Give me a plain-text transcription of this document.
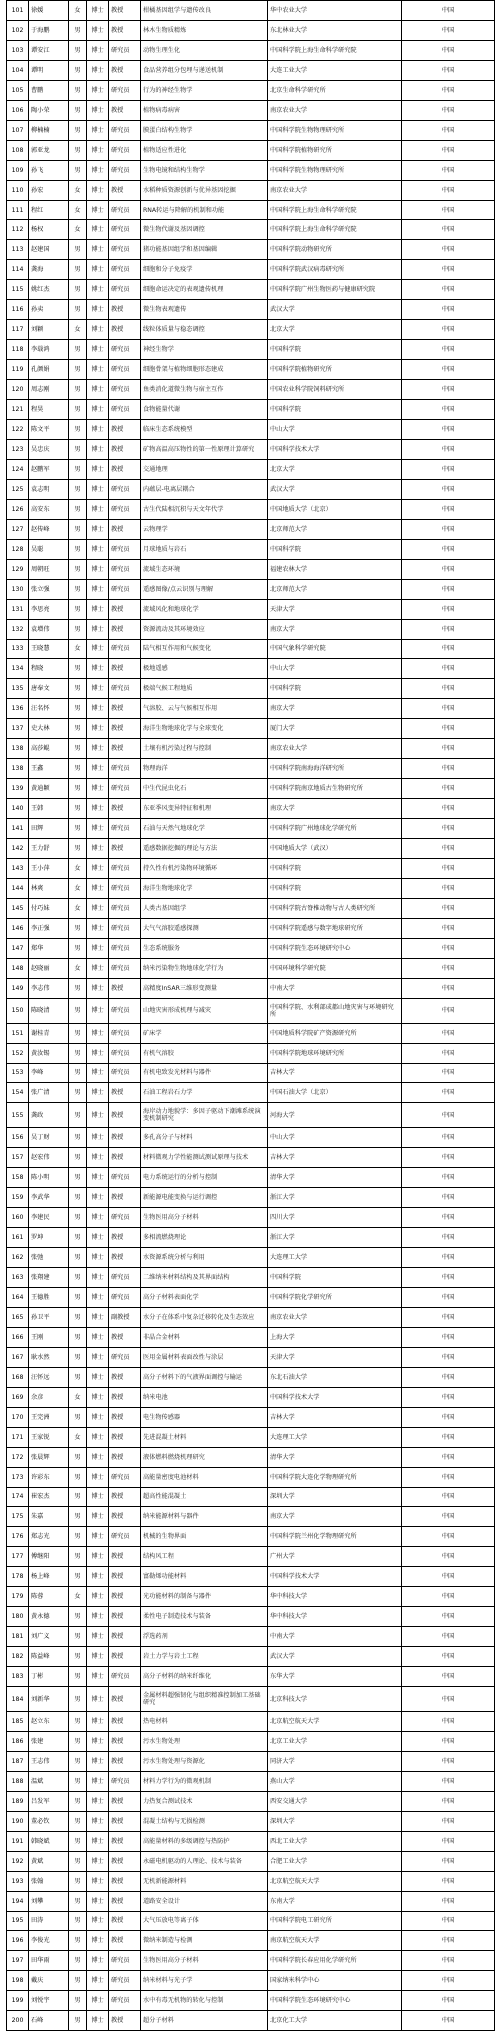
101	徐媛	女	博士	教授	柑橘基因组学与遗传改良	华中农业大学	中国
102	于海鹏	男	博士	教授	林木生物质精炼	东北林业大学	中国
103	谭安江	男	博士	研究员	动物生理生化	中国科学院上海生命科学研究院	中国
104	谭明	男	博士	教授	食品营养组分包埋与递送机制	大连工业大学	中国
105	曹鹏	男	博士	研究员	行为的神经生物学	北京生命科学研究所	中国
106	陶小荣	男	博士	教授	植物病毒病害	南京农业大学	中国
107	柳楠楠	男	博士	研究员	膜蛋白结构生物学	中国科学院生物物理研究所	中国
108	郭亚龙	男	博士	研究员	植物适应性进化	中国科学院植物研究所	中国
109	孙飞	男	博士	研究员	生物电镜和结构生物学	中国科学院生物物理研究所	中国
110	孙宏	女	博士	教授	水稻种质资源创新与优异基因挖掘	南京农业大学	中国
111	程红	女	博士	研究员	RNA转运与降解的机制和功能	中国科学院上海生命科学研究院	中国
112	杨权	女	博士	研究员	微生物代谢及基因调控	中国科学院上海生命科学研究院	中国
113	赵建国	男	博士	研究员	猪功能基因组学和基因编辑	中国科学院动物研究所	中国
114	龚海	男	博士	研究员	细胞和分子免疫学	中国科学院武汉病毒研究所	中国
115	姚红杰	男	博士	研究员	细胞命运决定的表观遗传机理	中国科学院广州生物医药与健康研究院	中国
116	孙卖	男	博士	教授	微生物表观遗传	武汉大学	中国
117	刘颖	女	博士	教授	线粒体质量与稳态调控	北京大学	中国
118	李载鸿	男	博士	研究员	神经生物学	中国科学院	中国
119	孔颜娟	男	博士	研究员	细胞骨架与植物细胞形态建成	中国科学院植物研究所	中国
120	周志刚	男	博士	研究员	鱼类消化道微生物与宿主互作	中国农业科学院饲料研究所	中国
121	程昊	男	博士	研究员	食物能量代谢	中国科学院	中国
122	陈文平	男	博士	教授	临床生态系统模型	中山大学	中国
123	吴忠庆	男	博士	教授	矿物高温高压物性的第一性原理计算研究	中国科学技术大学	中国
124	赵鹏军	男	博士	教授	交通地理	北京大学	中国
125	袁志明	男	博士	研究员	内蕴层-电离层耦合	武汉大学	中国
126	高安东	男	博士	研究员	古生代陆相沉积与天文年代学	中国地质大学（北京）	中国
127	赵传峰	男	博士	教授	云物理学	北京师范大学	中国
128	吴聪	男	博士	研究员	月球地质与岩石	中国科学院	中国
129	周朝旺	男	博士	研究员	流域生态环境	福建农林大学	中国
130	张立强	男	博士	研究员	遥感图像/点云识别与理解	北京师范大学	中国
131	李思亮	男	博士	教授	流域风化和地球化学	天津大学	中国
132	袁增伟	男	博士	教授	资源流动及其环境效应	南京大学	中国
133	王晓慧	女	博士	研究员	陆气相互作用和气候变化	中国气象科学研究院	中国
134	程晓	男	博士	教授	极地遥感	中山大学	中国
135	唐奉文	男	博士	研究员	极端气候工程地质	中国科学院	中国
136	汪名怀	男	博士	教授	气溶胶、云与气候相互作用	南京大学	中国
137	史大林	男	博士	教授	海洋生物地球化学与全球变化	厦门大学	中国
138	高莎鲲	男	博士	教授	土壤有机污染过程与控制	南京农业大学	中国
138	王鑫	男	博士	研究员	物理海洋	中国科学院南海海洋研究所	中国
139	黄迪颖	男	博士	研究员	中生代昆虫化石	中国科学院南京地质古生物研究所	中国
140	王韩	男	博士	教授	东亚季风变异特征和机理	南京大学	中国
141	田辉	男	博士	研究员	石油与天然气地球化学	中国科学院广州地球化学研究所	中国
142	王力舒	男	博士	教授	遥感数据挖掘的理论与方法	中国地质大学（武汉）	中国
143	王小萍	女	博士	研究员	持久性有机污染物环境循环	中国科学院	中国
144	林爽	女	博士	研究员	海洋生物地球化学	中国科学院	中国
145	付巧妹	女	博士	研究员	人类古基因组学	中国科学院古脊椎动物与古人类研究所	中国
146	李正强	男	博士	研究员	大气气溶胶遥感探测	中国科学院遥感与数字地球研究所	中国
147	郑华	男	博士	研究员	生态系统服务	中国科学院生态环境研究中心	中国
148	赵晓丽	女	博士	研究员	纳米污染物生物地球化学行为	中国环境科学研究院	中国
149	李志伟	男	博士	教授	高精度InSAR三维形变测量	中南大学	中国
150	陈晓清	男	博士	研究员	山地灾害形成机理与减灾	中国科学院、水利部成都山地灾害与环境研究所	中国
151	谢桂青	男	博士	研究员	矿床学	中国地质科学院矿产资源研究所	中国
152	黄汝锡	男	博士	研究员	有机气溶胶	中国科学院地球环境研究所	中国
153	李峰	男	博士	研究员	有机电致发光材料与器件	吉林大学	中国
154	张广清	男	博士	教授	石油工程岩石力学	中国石油大学（北京）	中国
155	龚政	男	博士	教授	海岸动力地貌学：多因子驱动下潮滩系统演变机制研究	河海大学	中国
156	吴丁财	男	博士	教授	多孔高分子与材料	中山大学	中国
157	赵宏伟	男	博士	教授	材料微观力学性能测试测试原理与技术	吉林大学	中国
158	陈小明	男	博士	研究员	电力系统运行的分析与控制	清华大学	中国
159	李武华	男	博士	教授	新能源电能变换与运行调控	浙江大学	中国
160	李建民	男	博士	研究员	生物医用高分子材料	四川大学	中国
161	罗坤	男	博士	教授	多相流燃烧理论	浙江大学	中国
162	张弛	男	博士	教授	水资源系统分析与利用	大连理工大学	中国
163	张翔建	男	博士	研究员	二维纳米材料结构及其界面结构	中国科学院	中国
164	王德胜	男	博士	研究员	高分子材料表面化学	中国科学院化学研究所	中国
165	孙卫平	男	博士	副教授	水分子在体系中复杂迁移转化及生态效应	南京农业大学	中国
166	王刚	男	博士	教授	非晶合金材料	上海大学	中国
167	耿水然	男	博士	研究员	医用金属材料表面改性与涂层	天津大学	中国
168	汪怀远	男	博士	教授	高分子材料下的气液界面调控与输运	东北石油大学	中国
169	余彦	女	博士	教授	纳米电池	中国科学技术大学	中国
170	王完洲	男	博士	教授	电生物传感器	吉林大学	中国
171	王家锐	女	博士	教授	先进混凝土材料	大连理工大学	中国
172	张晨辉	男	博士	教授	液体燃料燃烧机理研究	清华大学	中国
173	许彩东	男	博士	研究员	高能量密度电池材料	中国科学院大连化学物理研究所	中国
174	崔宏杰	男	博士	教授	超高性能混凝土	深圳大学	中国
175	朱嘉	男	博士	教授	纳米能源材料与器件	南京大学	中国
176	郑志光	男	博士	研究员	机械的生物界面	中国科学院兰州化学物理研究所	中国
177	傅继阳	男	博士	教授	结构风工程	广州大学	中国
178	杨上峰	男	博士	教授	富勒烯功能材料	中国科学技术大学	中国
179	陈蓉	女	博士	教授	光功能材料的制备与器件	华中科技大学	中国
180	黄永德	男	博士	教授	柔性电子制造技术与装备	华中科技大学	中国
181	刘广义	男	博士	教授	浮选药剂	中南大学	中国
182	陈益峰	男	博士	教授	岩土力学与岩土工程	武汉大学	中国
183	丁彬	男	博士	研究员	高分子材料的纳米纤维化	东华大学	中国
184	刘新华	男	博士	教授	金属材料超强韧化与组织精准控制加工基础研究	北京科技大学	中国
185	赵立东	男	博士	教授	热电材料	北京航空航天大学	中国
186	张建	男	博士	教授	污水生物处理	北京工业大学	中国
187	王志伟	男	博士	教授	污水生物处理与资源化	同济大学	中国
188	温斌	男	博士	研究员	材料力学行为的微观机制	燕山大学	中国
189	吕发军	男	博士	教授	力热复合测试技术	西安交通大学	中国
190	董必钦	男	博士	教授	混凝土结构与无损检测	深圳大学	中国
191	韩晓斌	男	博士	教授	高能量材料的多级调控与热防护	西北工业大学	中国
192	黄斌	男	博士	教授	永磁电机驱动的人理论、技术与装备	合肥工业大学	中国
193	张翰	男	博士	教授	无机新能源材料	北京航空航天大学	中国
194	刘攀	男	博士	教授	道路安全设计	东南大学	中国
195	田涛	男	博士	教授	大气压放电等离子体	中国科学院电工研究所	中国
196	李俊光	男	博士	教授	微纳米制造与检测	南京航空航天大学	中国
197	田华雨	男	博士	研究员	生物医用高分子材料	中国科学院长春应用化学研究所	中国
198	戴庆	男	博士	研究员	纳米材料与光子学	国家纳米科学中心	中国
199	刘悦宇	男	博士	研究员	水中有毒无机物的转化与控制	中国科学院生态环境研究中心	中国
200	石峰	男	博士	教授	超分子材料	北京化工大学	中国
